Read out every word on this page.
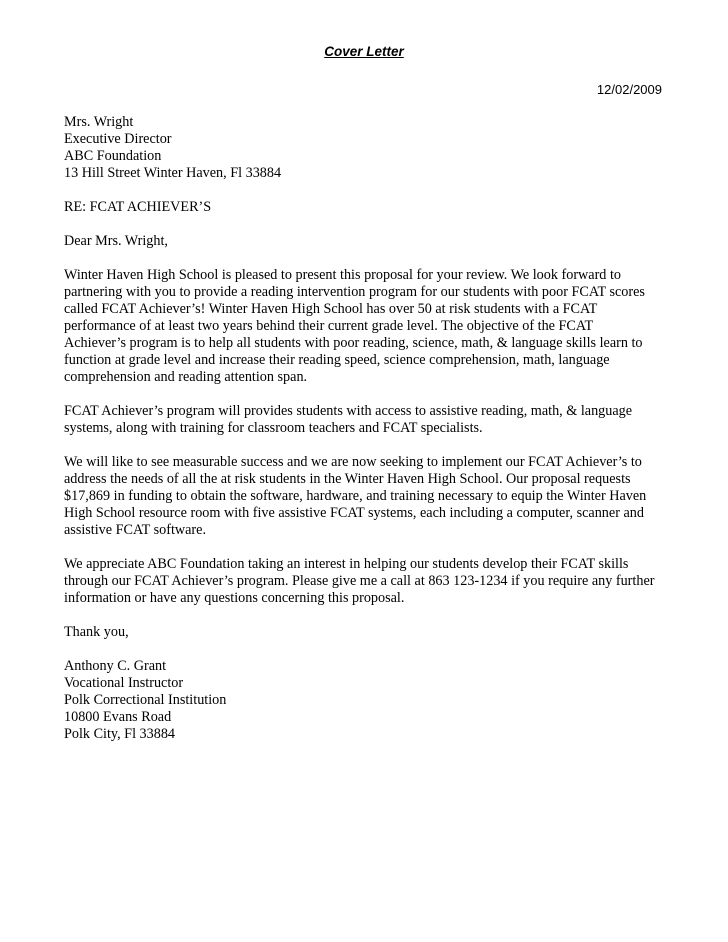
Cover Letter
12/02/2009
Mrs. Wright
Executive Director
ABC Foundation
13 Hill Street Winter Haven, Fl 33884
RE: FCAT ACHIEVER’S
Dear Mrs. Wright,
Winter Haven High School is pleased to present this proposal for your review. We look forward to
partnering with you to provide a reading intervention program for our students with poor FCAT scores
called FCAT Achiever’s! Winter Haven High School has over 50 at risk students with a FCAT
performance of at least two years behind their current grade level. The objective of the FCAT
Achiever’s program is to help all students with poor reading, science, math, & language skills learn to
function at grade level and increase their reading speed, science comprehension, math, language
comprehension and reading attention span.
FCAT Achiever’s program will provides students with access to assistive reading, math, & language
systems, along with training for classroom teachers and FCAT specialists.
We will like to see measurable success and we are now seeking to implement our FCAT Achiever’s to
address the needs of all the at risk students in the Winter Haven High School. Our proposal requests
$17,869 in funding to obtain the software, hardware, and training necessary to equip the Winter Haven
High School resource room with five assistive FCAT systems, each including a computer, scanner and
assistive FCAT software.
We appreciate ABC Foundation taking an interest in helping our students develop their FCAT skills
through our FCAT Achiever’s program. Please give me a call at 863 123-1234 if you require any further
information or have any questions concerning this proposal.
Thank you,
Anthony C. Grant
Vocational Instructor
Polk Correctional Institution
10800 Evans Road
Polk City, Fl 33884
